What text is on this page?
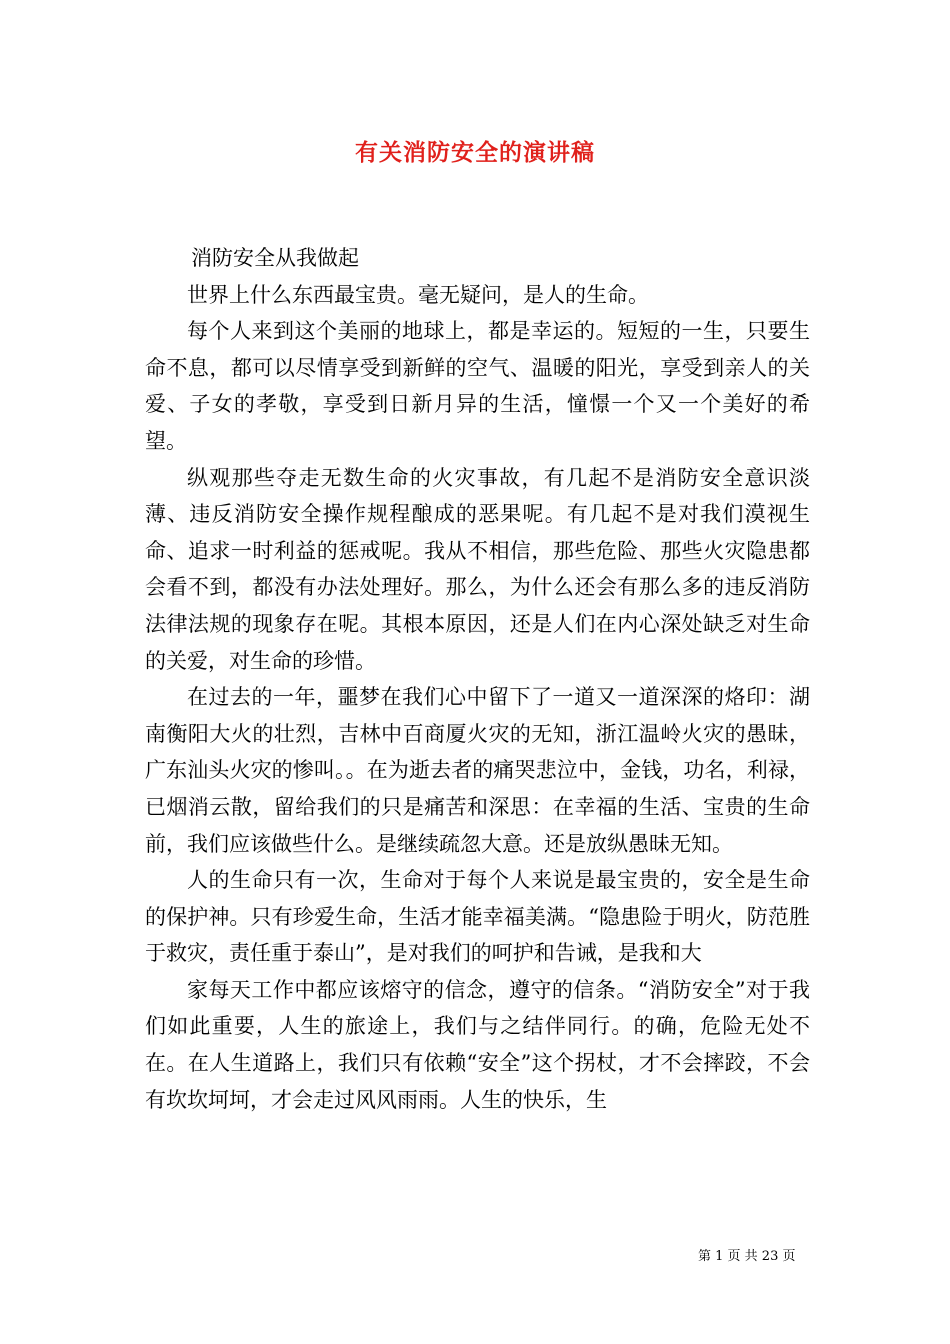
有关消防安全的演讲稿

消防安全从我做起

世界上什么东西最宝贵。毫无疑问，是人的生命。

每个人来到这个美丽的地球上，都是幸运的。短短的一生，只要生命不息，都可以尽情享受到新鲜的空气、温暖的阳光，享受到亲人的关爱、子女的孝敬，享受到日新月异的生活，憧憬一个又一个美好的希望。

纵观那些夺走无数生命的火灾事故，有几起不是消防安全意识淡薄、违反消防安全操作规程酿成的恶果呢。有几起不是对我们漠视生命、追求一时利益的惩戒呢。我从不相信，那些危险、那些火灾隐患都会看不到，都没有办法处理好。那么，为什么还会有那么多的违反消防法律法规的现象存在呢。其根本原因，还是人们在内心深处缺乏对生命的关爱，对生命的珍惜。

在过去的一年，噩梦在我们心中留下了一道又一道深深的烙印：湖南衡阳大火的壮烈，吉林中百商厦火灾的无知，浙江温岭火灾的愚昧，广东汕头火灾的惨叫。。在为逝去者的痛哭悲泣中，金钱，功名，利禄，已烟消云散，留给我们的只是痛苦和深思：在幸福的生活、宝贵的生命前，我们应该做些什么。是继续疏忽大意。还是放纵愚昧无知。

人的生命只有一次，生命对于每个人来说是最宝贵的，安全是生命的保护神。只有珍爱生命，生活才能幸福美满。“隐患险于明火，防范胜于救灾，责任重于泰山”，是对我们的呵护和告诫，是我和大

家每天工作中都应该熔守的信念，遵守的信条。“消防安全”对于我们如此重要，人生的旅途上，我们与之结伴同行。的确，危险无处不在。在人生道路上，我们只有依赖“安全”这个拐杖，才不会摔跤，不会有坎坎坷坷，才会走过风风雨雨。人生的快乐，生

第 1 页 共 23 页
